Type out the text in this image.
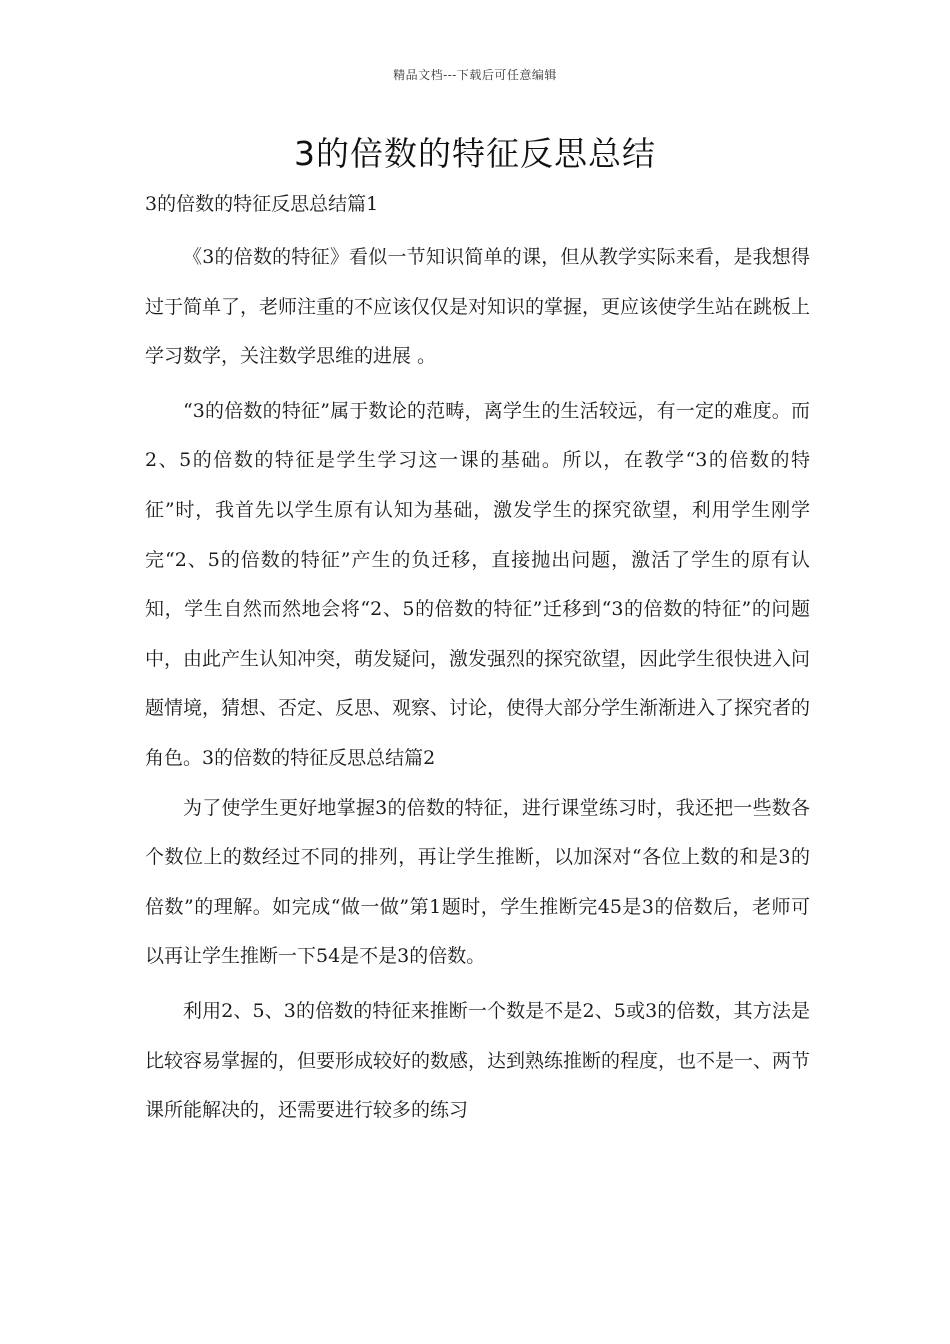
精品文档---下载后可任意编辑
3的倍数的特征反思总结

3的倍数的特征反思总结篇1

《3的倍数的特征》看似一节知识简单的课，但从教学实际来看，是我想得过于简单了，老师注重的不应该仅仅是对知识的掌握，更应该使学生站在跳板上学习数学，关注数学思维的进展 。

“3的倍数的特征”属于数论的范畴，离学生的生活较远，有一定的难度。而2、5的倍数的特征是学生学习这一课的基础。所以，在教学“3的倍数的特征”时，我首先以学生原有认知为基础，激发学生的探究欲望，利用学生刚学完“2、5的倍数的特征”产生的负迁移，直接抛出问题，激活了学生的原有认知，学生自然而然地会将“2、5的倍数的特征”迁移到“3的倍数的特征”的问题中，由此产生认知冲突，萌发疑问，激发强烈的探究欲望，因此学生很快进入问题情境，猜想、否定、反思、观察、讨论，使得大部分学生渐渐进入了探究者的角色。3的倍数的特征反思总结篇2

为了使学生更好地掌握3的倍数的特征，进行课堂练习时，我还把一些数各个数位上的数经过不同的排列，再让学生推断，以加深对“各位上数的和是3的倍数”的理解。如完成“做一做”第1题时，学生推断完45是3的倍数后，老师可以再让学生推断一下54是不是3的倍数。

利用2、5、3的倍数的特征来推断一个数是不是2、5或3的倍数，其方法是比较容易掌握的，但要形成较好的数感，达到熟练推断的程度，也不是一、两节课所能解决的，还需要进行较多的练习
